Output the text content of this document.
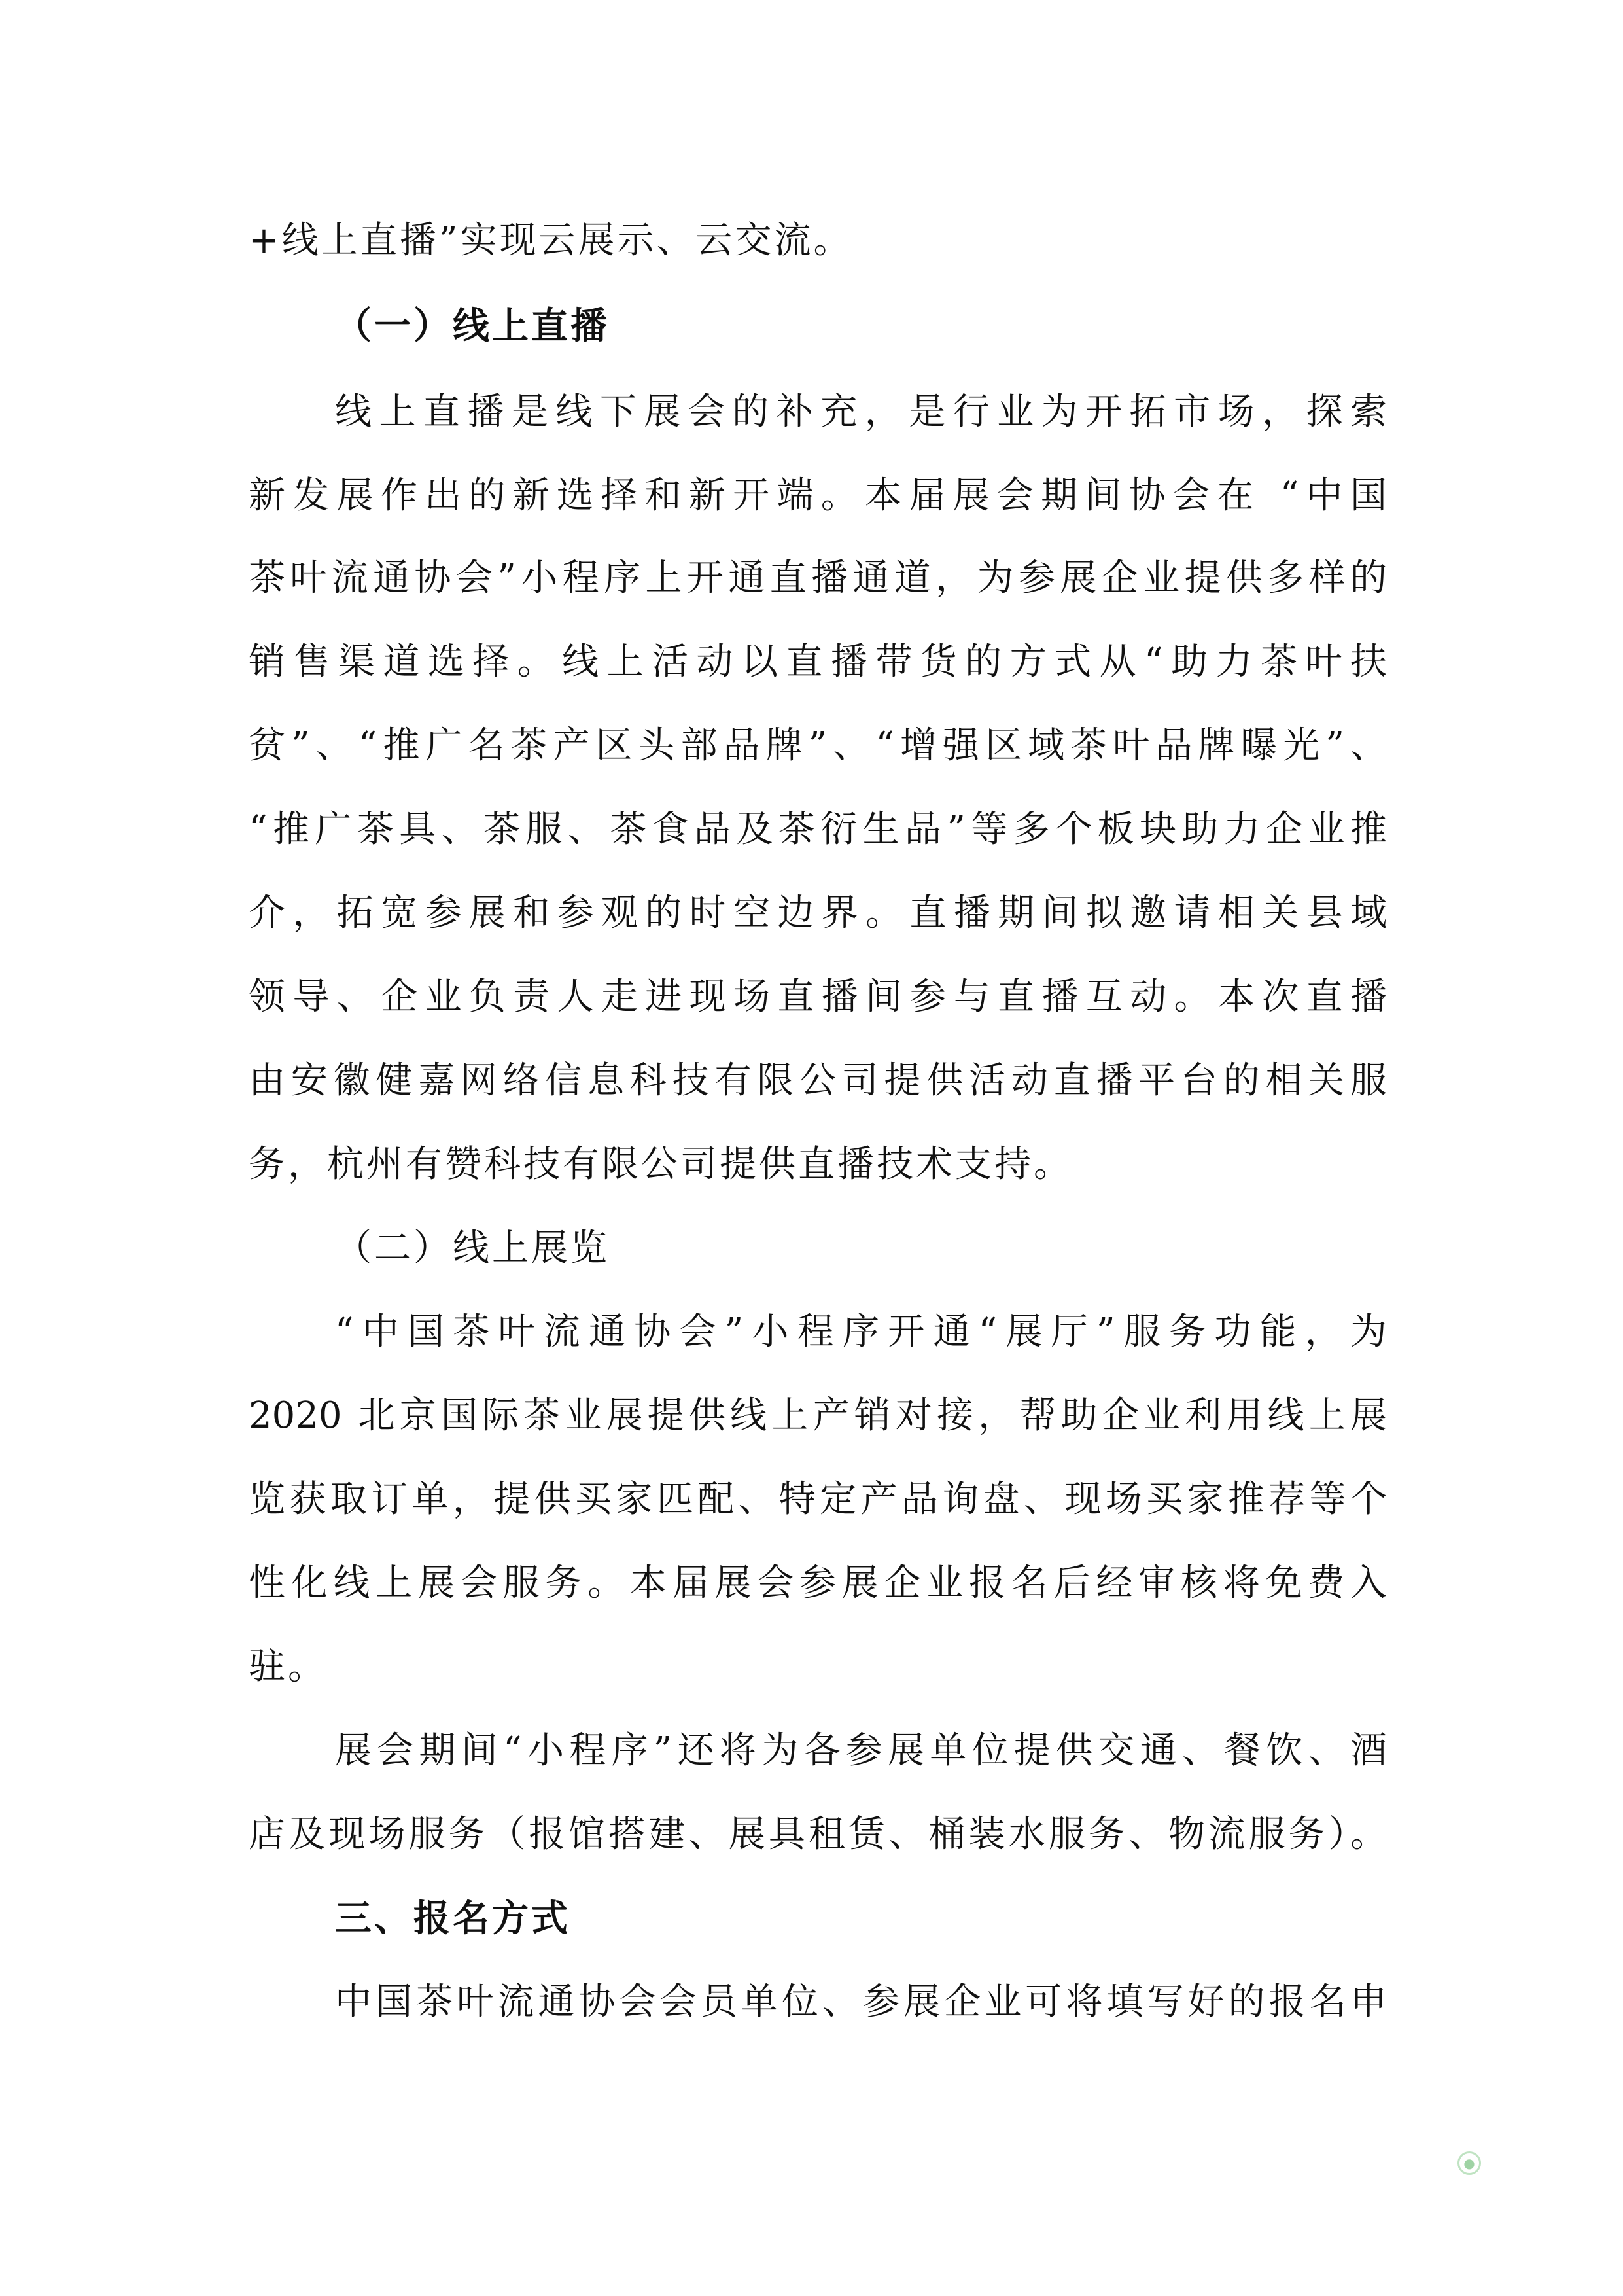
+线上直播”实现云展示、云交流。
（一）线上直播
线上直播是线下展会的补充，是行业为开拓市场，探索
新发展作出的新选择和新开端。本届展会期间协会在 “中国
茶叶流通协会”小程序上开通直播通道，为参展企业提供多样的
销售渠道选择。线上活动以直播带货的方式从“助力茶叶扶
贫”、“推广名茶产区头部品牌”、“增强区域茶叶品牌曝光”、
“推广茶具、茶服、茶食品及茶衍生品”等多个板块助力企业推
介，拓宽参展和参观的时空边界。直播期间拟邀请相关县域
领导、企业负责人走进现场直播间参与直播互动。本次直播
由安徽健嘉网络信息科技有限公司提供活动直播平台的相关服
务，杭州有赞科技有限公司提供直播技术支持。
（二）线上展览
“中国茶叶流通协会”小程序开通“展厅”服务功能，为
2020 北京国际茶业展提供线上产销对接，帮助企业利用线上展
览获取订单，提供买家匹配、特定产品询盘、现场买家推荐等个
性化线上展会服务。本届展会参展企业报名后经审核将免费入
驻。
展会期间“小程序”还将为各参展单位提供交通、餐饮、酒
店及现场服务（报馆搭建、展具租赁、桶装水服务、物流服务）。
三、报名方式
中国茶叶流通协会会员单位、参展企业可将填写好的报名申
●
